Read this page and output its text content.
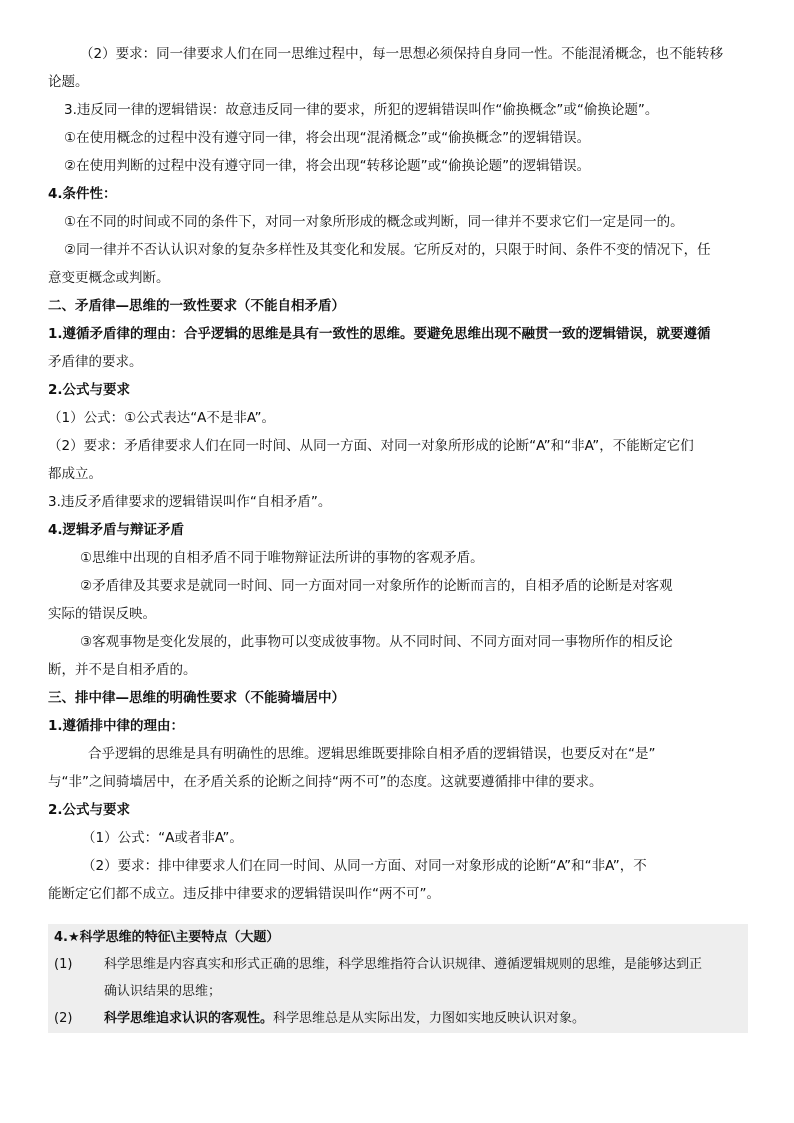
（2）要求：同一律要求人们在同一思维过程中，每一思想必须保持自身同一性。不能混淆概念，也不能转移
论题。
3.违反同一律的逻辑错误：故意违反同一律的要求，所犯的逻辑错误叫作“偷换概念”或“偷换论题”。
①在使用概念的过程中没有遵守同一律，将会出现“混淆概念”或“偷换概念”的逻辑错误。
②在使用判断的过程中没有遵守同一律，将会出现“转移论题”或“偷换论题”的逻辑错误。
4.条件性：
①在不同的时间或不同的条件下，对同一对象所形成的概念或判断，同一律并不要求它们一定是同一的。
②同一律并不否认认识对象的复杂多样性及其变化和发展。它所反对的，只限于时间、条件不变的情况下，任
意变更概念或判断。
二、矛盾律—思维的一致性要求（不能自相矛盾）
1.遵循矛盾律的理由：合乎逻辑的思维是具有一致性的思维。要避免思维出现不融贯一致的逻辑错误，就要遵循
矛盾律的要求。
2.公式与要求
（1）公式：①公式表达“A不是非A”。
（2）要求：矛盾律要求人们在同一时间、从同一方面、对同一对象所形成的论断“A”和“非A”，不能断定它们
都成立。
3.违反矛盾律要求的逻辑错误叫作“自相矛盾”。
4.逻辑矛盾与辩证矛盾
①思维中出现的自相矛盾不同于唯物辩证法所讲的事物的客观矛盾。
②矛盾律及其要求是就同一时间、同一方面对同一对象所作的论断而言的，自相矛盾的论断是对客观
实际的错误反映。
③客观事物是变化发展的，此事物可以变成彼事物。从不同时间、不同方面对同一事物所作的相反论
断，并不是自相矛盾的。
三、排中律—思维的明确性要求（不能骑墙居中）
1.遵循排中律的理由：
合乎逻辑的思维是具有明确性的思维。逻辑思维既要排除自相矛盾的逻辑错误，也要反对在“是”
与“非”之间骑墙居中，在矛盾关系的论断之间持“两不可”的态度。这就要遵循排中律的要求。
2.公式与要求
（1）公式：“A或者非A”。
（2）要求：排中律要求人们在同一时间、从同一方面、对同一对象形成的论断“A”和“非A”，不
能断定它们都不成立。违反排中律要求的逻辑错误叫作“两不可”。
4.★科学思维的特征\主要特点（大题）
(1) 科学思维是内容真实和形式正确的思维，科学思维指符合认识规律、遵循逻辑规则的思维，是能够达到正
确认识结果的思维；
(2) 科学思维追求认识的客观性。科学思维总是从实际出发，力图如实地反映认识对象。
